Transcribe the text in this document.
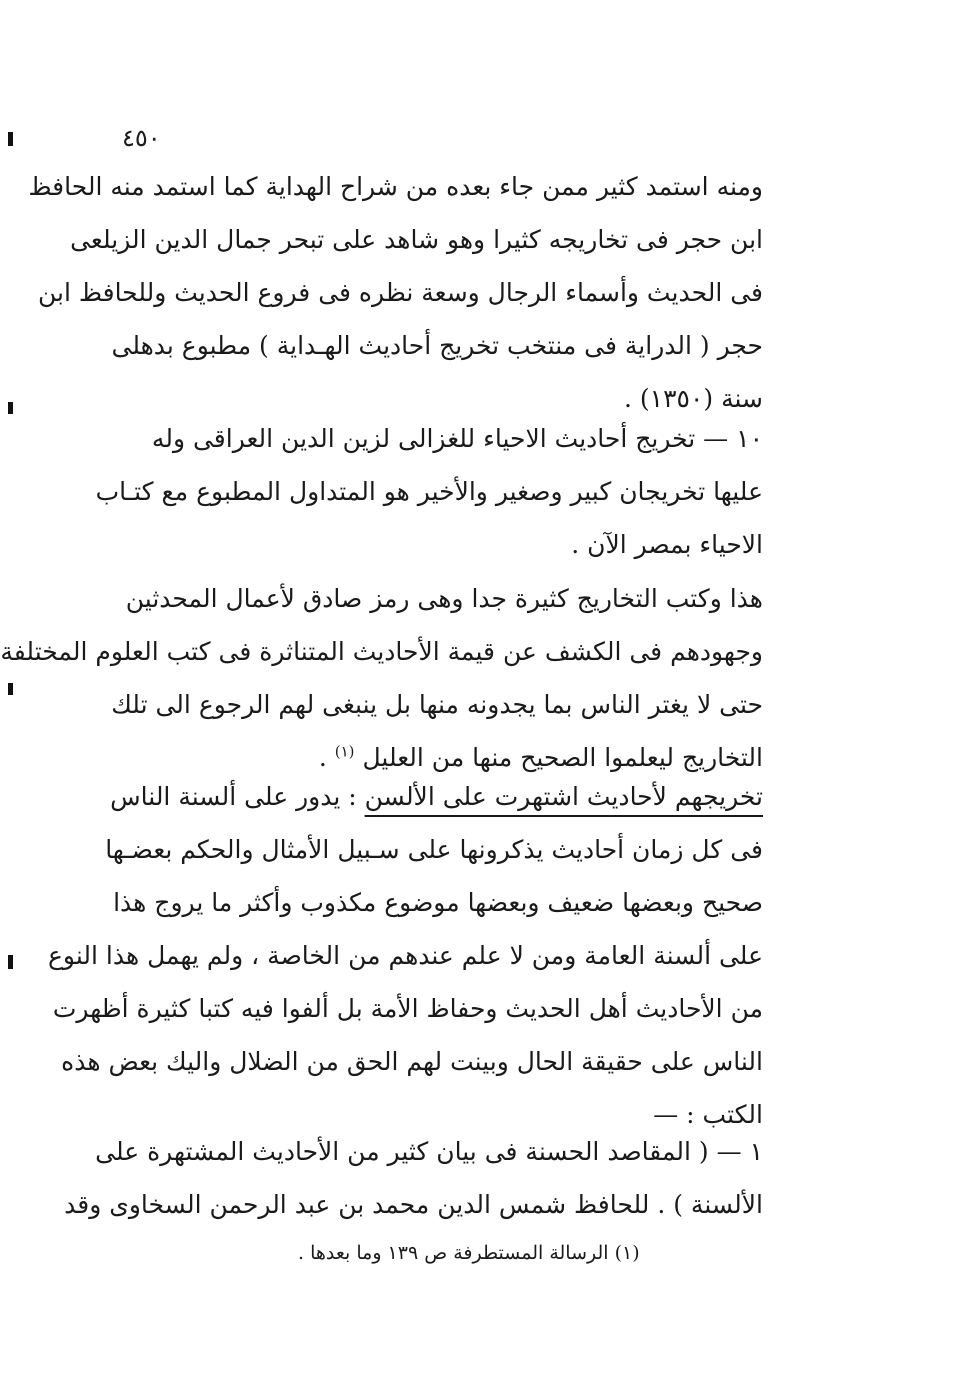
٤٥٠
ومنه استمد كثير ممن جاء بعده من شراح الهداية كما استمد منه الحافظ
ابن حجر فى تخاريجه كثيرا وهو شاهد على تبحر جمال الدين الزيلعى
فى الحديث وأسماء الرجال وسعة نظره فى فروع الحديث وللحافظ ابن
حجر ( الدراية فى منتخب تخريج أحاديث الهـداية ) مطبوع بدهلى
سنة (١٣٥٠) .
١٠ — تخريج أحاديث الاحياء للغزالى لزين الدين العراقى وله
عليها تخريجان كبير وصغير والأخير هو المتداول المطبوع مع كتـاب
الاحياء بمصر الآن .
هذا وكتب التخاريج كثيرة جدا وهى رمز صادق لأعمال المحدثين
وجهودهم فى الكشف عن قيمة الأحاديث المتناثرة فى كتب العلوم المختلفة
حتى لا يغتر الناس بما يجدونه منها بل ينبغى لهم الرجوع الى تلك
التخاريج ليعلموا الصحيح منها من العليل $^{(١)}$ .
تخريجهم لأحاديث اشتهرت على الألسن : يدور على ألسنة الناس
فى كل زمان أحاديث يذكرونها على سـبيل الأمثال والحكم بعضـها
صحيح وبعضها ضعيف وبعضها موضوع مكذوب وأكثر ما يروج هذا
على ألسنة العامة ومن لا علم عندهم من الخاصة ، ولم يهمل هذا النوع
من الأحاديث أهل الحديث وحفاظ الأمة بل ألفوا فيه كتبا كثيرة أظهرت
الناس على حقيقة الحال وبينت لهم الحق من الضلال واليك بعض هذه
الكتب : —
١ — ( المقاصد الحسنة فى بيان كثير من الأحاديث المشتهرة على
الألسنة ) . للحافظ شمس الدين محمد بن عبد الرحمن السخاوى وقد
(١) الرسالة المستطرفة ص ١٣٩ وما بعدها .
